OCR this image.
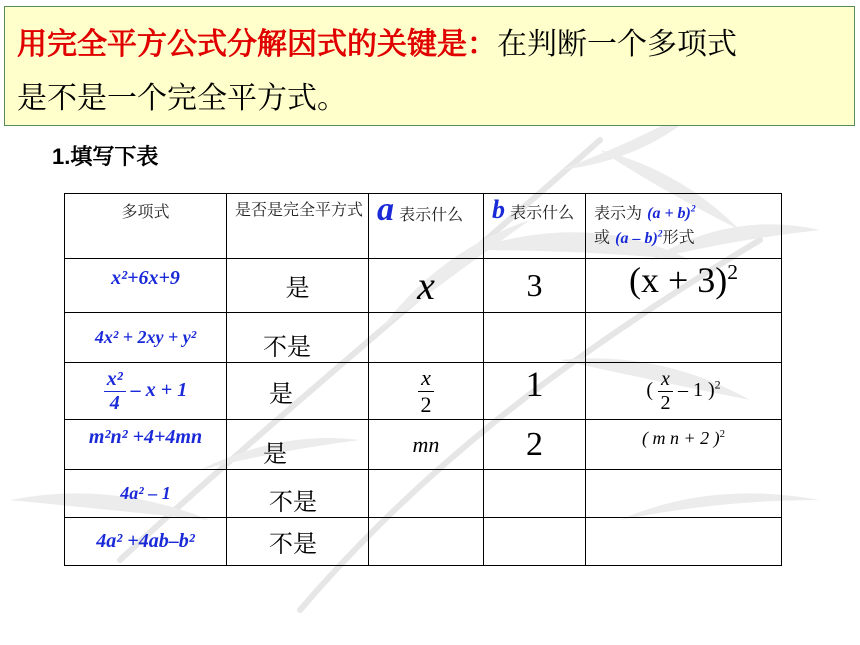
用完全平方公式分解因式的关键是：在判断一个多项式
是不是一个完全平方式。
1.填写下表
多项式	是否是完全平方式	a 表示什么	b 表示什么	表示为 $(a + b)^2$
或 (a – b)$^2$形式
x²+6x+9	是	x	3	$(x + 3)^2$
4x² + 2xy + y²	不是			

$\frac{\text{x²}}{4} - x + 1$	是	$\frac{x}{2}$	1	( $\frac{x}{2} - 1$ )$^2$
m²n² +4+4mn	是	mn	2	( m n + 2 )$^2$
4a² – 1	不是			
4a² +4ab–b²	不是			
